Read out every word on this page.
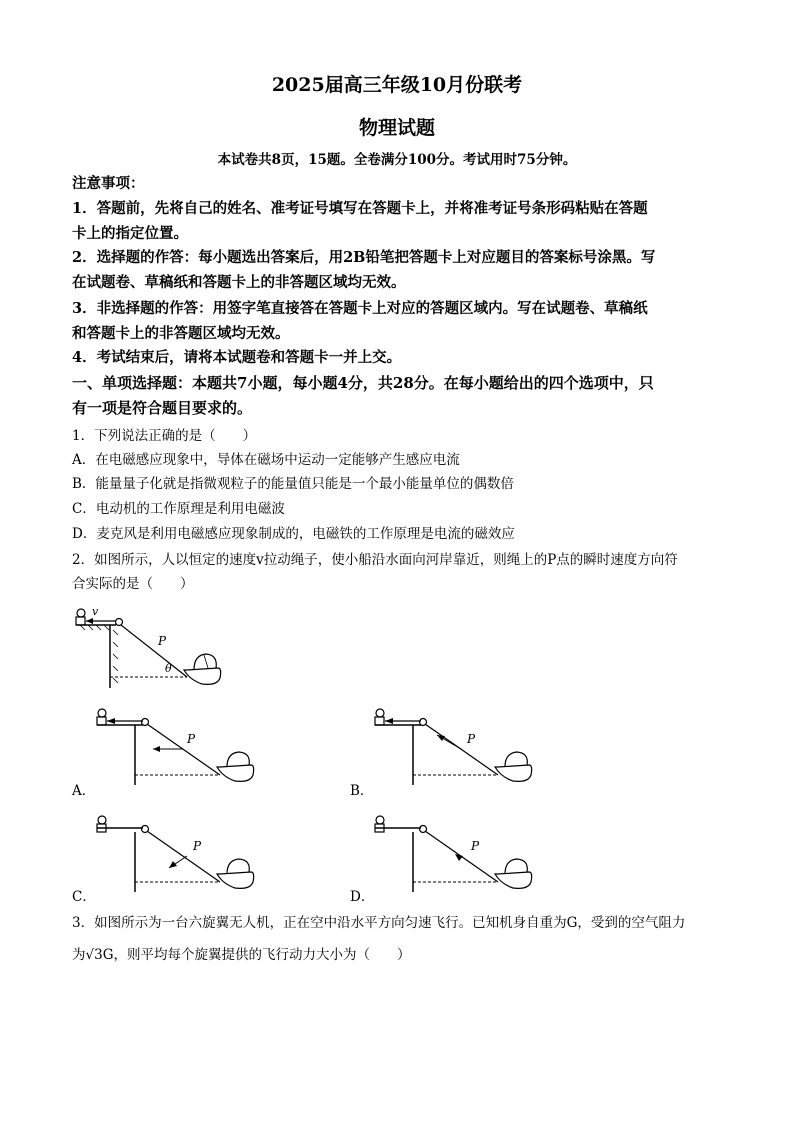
2025届高三年级10月份联考
物理试题
本试卷共8页，15题。全卷满分100分。考试用时75分钟。
注意事项：
1．答题前，先将自己的姓名、准考证号填写在答题卡上，并将准考证号条形码粘贴在答题
卡上的指定位置。
2．选择题的作答：每小题选出答案后，用2B铅笔把答题卡上对应题目的答案标号涂黑。写
在试题卷、草稿纸和答题卡上的非答题区域均无效。
3．非选择题的作答：用签字笔直接答在答题卡上对应的答题区域内。写在试题卷、草稿纸
和答题卡上的非答题区域均无效。
4．考试结束后，请将本试题卷和答题卡一并上交。
一、单项选择题：本题共7小题，每小题4分，共28分。在每小题给出的四个选项中，只
有一项是符合题目要求的。
1．下列说法正确的是（　　）
A．在电磁感应现象中，导体在磁场中运动一定能够产生感应电流
B．能量量子化就是指微观粒子的能量值只能是一个最小能量单位的偶数倍
C．电动机的工作原理是利用电磁波
D．麦克风是利用电磁感应现象制成的，电磁铁的工作原理是电流的磁效应
2．如图所示，人以恒定的速度v拉动绳子，使小船沿水面向河岸靠近，则绳上的P点的瞬时速度方向符
合实际的是（　　）
v
P
θ
P
A．
P
B．
P
C．
P
D．
3．如图所示为一台六旋翼无人机，正在空中沿水平方向匀速飞行。已知机身自重为G，受到的空气阻力
为√3G，则平均每个旋翼提供的飞行动力大小为（　　）
